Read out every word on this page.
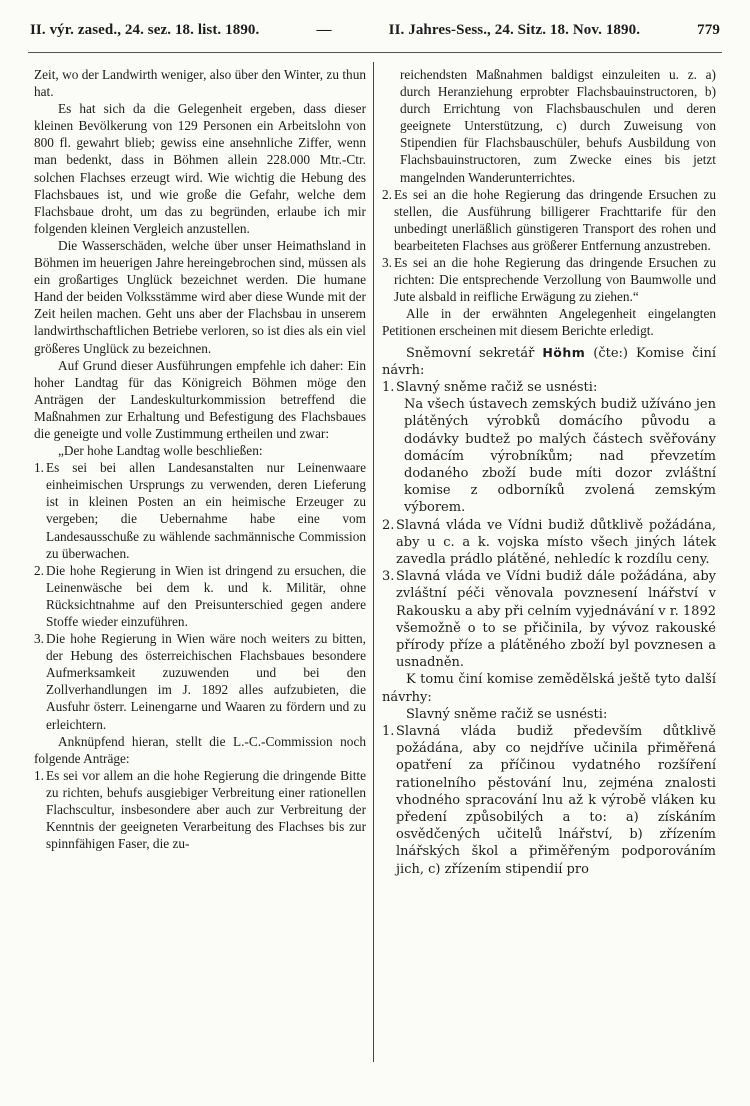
II. výr. zased., 24. sez. 18. list. 1890.	—	II. Jahres-Sess., 24. Sitz. 18. Nov. 1890.	779

Zeit, wo der Landwirth weniger, also über den Winter, zu thun hat.

Es hat sich da die Gelegenheit ergeben, dass dieser kleinen Bevölkerung von 129 Personen ein Arbeitslohn von 800 fl. gewahrt blieb; gewiss eine ansehnliche Ziffer, wenn man bedenkt, dass in Böhmen allein 228.000 Mtr.-Ctr. solchen Flachses erzeugt wird. Wie wichtig die Hebung des Flachsbaues ist, und wie große die Gefahr, welche dem Flachsbaue droht, um das zu begründen, erlaube ich mir folgenden kleinen Vergleich anzustellen.

Die Wasserschäden, welche über unser Heimathsland in Böhmen im heuerigen Jahre hereingebrochen sind, müssen als ein großartiges Unglück bezeichnet werden. Die humane Hand der beiden Volksstämme wird aber diese Wunde mit der Zeit heilen machen. Geht uns aber der Flachsbau in unserem landwirthschaftlichen Betriebe verloren, so ist dies als ein viel größeres Unglück zu bezeichnen.

Auf Grund dieser Ausführungen empfehle ich daher: Ein hoher Landtag für das Königreich Böhmen möge den Anträgen der Landeskulturkommission betreffend die Maßnahmen zur Erhaltung und Befestigung des Flachsbaues die geneigte und volle Zustimmung ertheilen und zwar:

„Der hohe Landtag wolle beschließen:

1. Es sei bei allen Landesanstalten nur Leinenwaare einheimischen Ursprungs zu verwenden, deren Lieferung ist in kleinen Posten an ein heimische Erzeuger zu vergeben; die Uebernahme habe eine vom Landesausschuße zu wählende sachmännische Commission zu überwachen.
2. Die hohe Regierung in Wien ist dringend zu ersuchen, die Leinenwäsche bei dem k. und k. Militär, ohne Rücksichtnahme auf den Preisunterschied gegen andere Stoffe wieder einzuführen.
3. Die hohe Regierung in Wien wäre noch weiters zu bitten, der Hebung des österreichischen Flachsbaues besondere Aufmerksamkeit zuzuwenden und bei den Zollverhandlungen im J. 1892 alles aufzubieten, die Ausfuhr österr. Leinengarne und Waaren zu fördern und zu erleichtern.

Anknüpfend hieran, stellt die L.-C.-Commission noch folgende Anträge:

1. Es sei vor allem an die hohe Regierung die dringende Bitte zu richten, behufs ausgiebiger Verbreitung einer rationellen Flachscultur, insbesondere aber auch zur Verbreitung der Kenntnis der geeigneten Verarbeitung des Flachses bis zur spinnfähigen Faser, die zu-

reichendsten Maßnahmen baldigst einzuleiten u. z. a) durch Heranziehung erprobter Flachsbauinstructoren, b) durch Errichtung von Flachsbauschulen und deren geeignete Unterstützung, c) durch Zuweisung von Stipendien für Flachsbauschüler, behufs Ausbildung von Flachsbauinstructoren, zum Zwecke eines bis jetzt mangelnden Wanderunterrichtes.

2. Es sei an die hohe Regierung das dringende Ersuchen zu stellen, die Ausführung billigerer Frachttarife für den unbedingt unerläßlich günstigeren Transport des rohen und bearbeiteten Flachses aus größerer Entfernung anzustreben.
3. Es sei an die hohe Regierung das dringende Ersuchen zu richten: Die entsprechende Verzollung von Baumwolle und Jute alsbald in reifliche Erwägung zu ziehen.“

Alle in der erwähnten Angelegenheit eingelangten Petitionen erscheinen mit diesem Berichte erledigt.

Sněmovní sekretář Höhm (čte:) Komise činí návrh:

1. Slavný sněme račiž se usnésti:

Na všech ústavech zemských budiž užíváno jen plátěných výrobků domácího původu a dodávky budtež po malých částech svěřovány domácím výrobníkům; nad převzetím dodaného zboží bude míti dozor zvláštní komise z odborníků zvolená zemským výborem.

2. Slavná vláda ve Vídni budiž důtklivě požádána, aby u c. a k. vojska místo všech jiných látek zavedla prádlo plátěné, nehledíc k rozdílu ceny.
3. Slavná vláda ve Vídni budiž dále požádána, aby zvláštní péči věnovala povznesení lnářství v Rakousku a aby při celním vyjednávání v r. 1892 všemožně o to se přičinila, by vývoz rakouské přírody příze a plátěného zboží byl povznesen a usnadněn.

K tomu činí komise zemědělská ještě tyto další návrhy:

Slavný sněme račiž se usnésti:

1. Slavná vláda budiž především důtklivě požádána, aby co nejdříve učinila přiměřená opatření za příčinou vydatného rozšíření rationelního pěstování lnu, zejména znalosti vhodného spracování lnu až k výrobě vláken ku předení způsobilých a to: a) získáním osvědčených učitelů lnářství, b) zřízením lnářských škol a přiměřeným podporováním jich, c) zřízením stipendií pro
